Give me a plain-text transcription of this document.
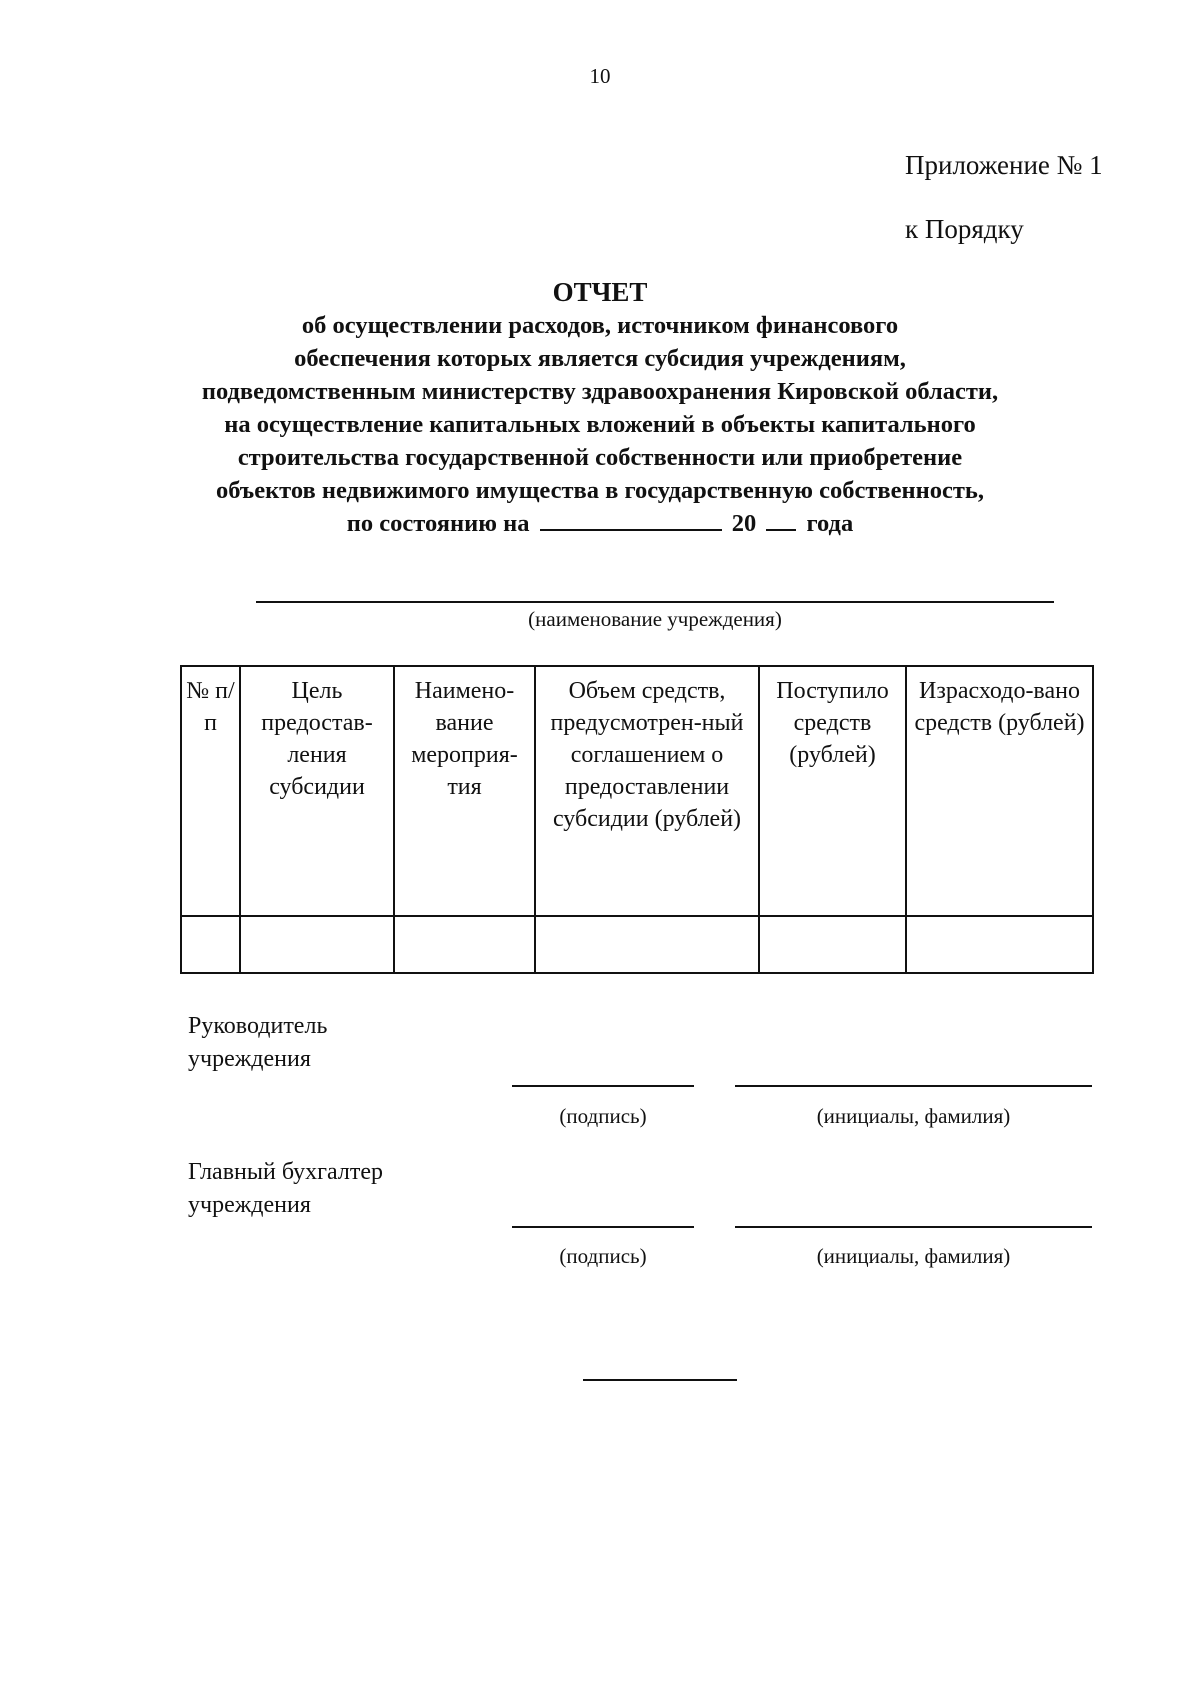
10
Приложение № 1
к Порядку
ОТЧЕТ
об осуществлении расходов, источником финансового
обеспечения которых является субсидия учреждениям,
подведомственным министерству здравоохранения Кировской области,
на осуществление капитальных вложений в объекты капитального
строительства государственной собственности или приобретение
объектов недвижимого имущества в государственную собственность,
по состоянию на	20 года
(наименование учреждения)
№ п/п	Цель предостав-ления субсидии	Наимено-вание мероприя-тия	Объем средств, предусмотрен-ный соглашением о предоставлении субсидии (рублей)	Поступило средств (рублей)	Израсходо-вано средств (рублей)

Руководитель
учреждения
(подпись)	(инициалы, фамилия)
Главный бухгалтер
учреждения
(подпись)	(инициалы, фамилия)
